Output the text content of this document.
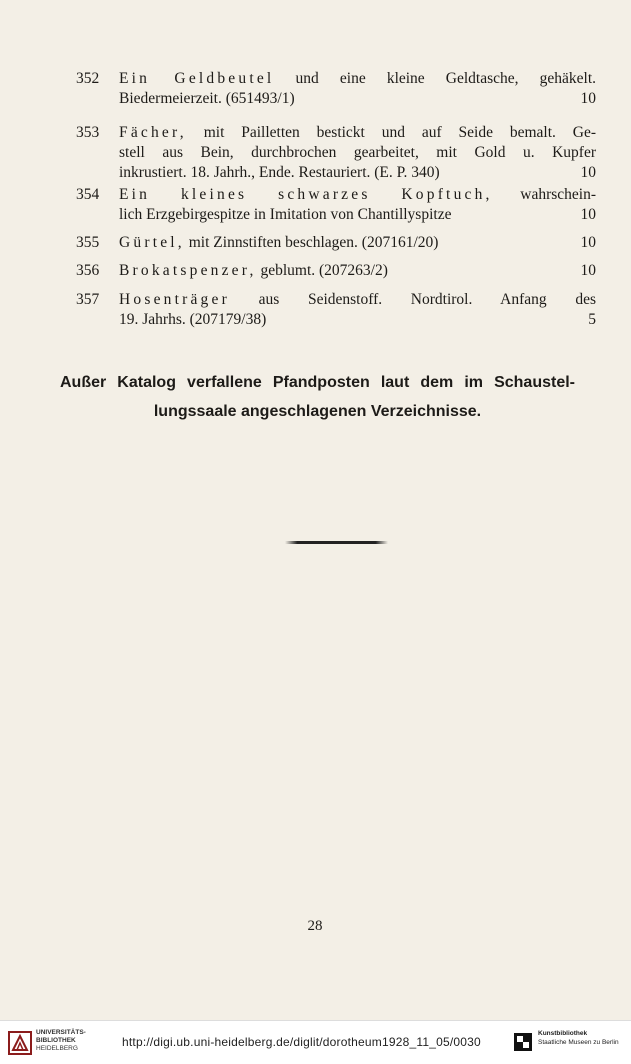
352	Ein Geldbeutel und eine kleine Geldtasche, gehäkelt.
Biedermeierzeit. (651493/1)	10
353	Fächer, mit Pailletten bestickt und auf Seide bemalt. Ge-
stell aus Bein, durchbrochen gearbeitet, mit Gold u. Kupfer
inkrustiert. 18. Jahrh., Ende. Restauriert. (E. P. 340)	10
354	Ein kleines schwarzes Kopftuch, wahrschein-
lich Erzgebirgespitze in Imitation von Chantillyspitze	10
355	Gürtel, mit Zinnstiften beschlagen. (207161/20)	10
356	Brokatspenzer, geblumt. (207263/2)	10
357	Hosenträger aus Seidenstoff. Nordtirol. Anfang des
19. Jahrhs. (207179/38)	5
Außer Katalog verfallene Pfandposten laut dem im Schaustel-
lungssaale angeschlagenen Verzeichnisse.
28
UNIVERSITÄTS-
BIBLIOTHEK
HEIDELBERG	http://digi.ub.uni-heidelberg.de/diglit/dorotheum1928_11_05/0030
Kunstbibliothek
Staatliche Museen zu Berlin
